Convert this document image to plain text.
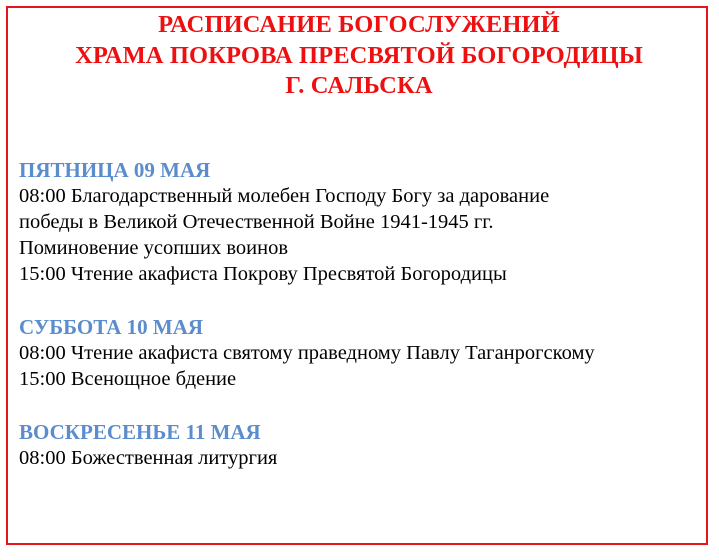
РАСПИСАНИЕ БОГОСЛУЖЕНИЙ
ХРАМА ПОКРОВА ПРЕСВЯТОЙ БОГОРОДИЦЫ
Г. САЛЬСКА
ПЯТНИЦА 09 МАЯ
08:00 Благодарственный молебен Господу Богу за дарование
победы в Великой Отечественной Войне 1941-1945 гг.
Поминовение усопших воинов
15:00 Чтение акафиста Покрову Пресвятой Богородицы
СУББОТА 10 МАЯ
08:00 Чтение акафиста святому праведному Павлу Таганрогскому
15:00 Всенощное бдение
ВОСКРЕСЕНЬЕ 11 МАЯ
08:00 Божественная литургия
